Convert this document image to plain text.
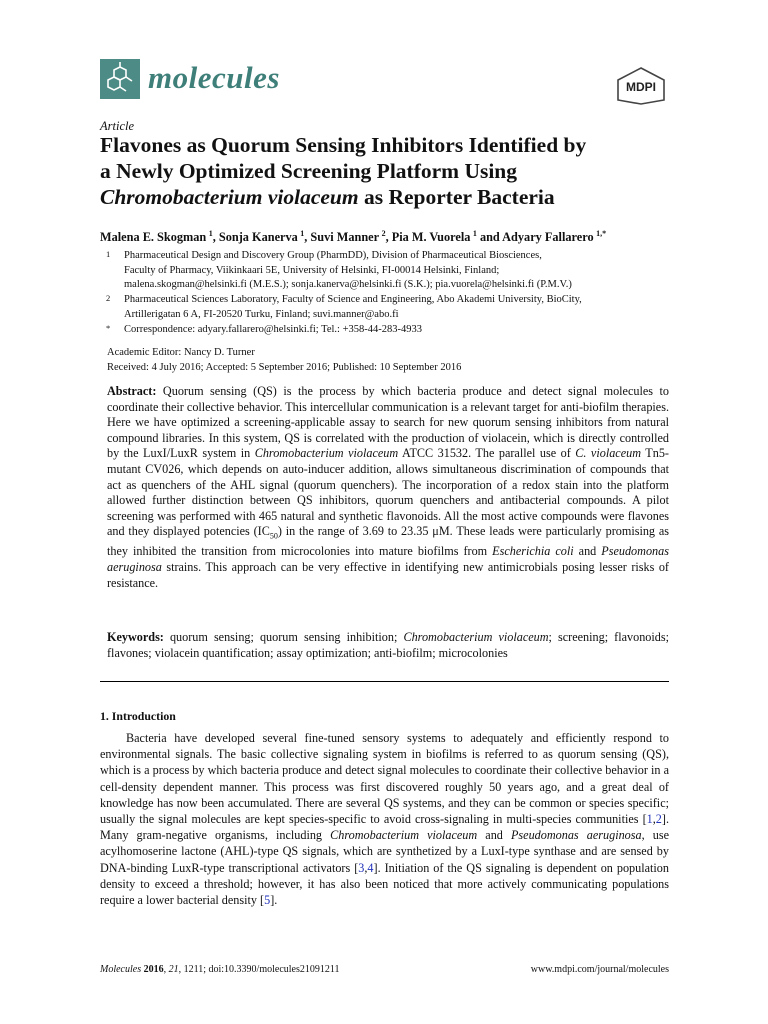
molecules	MDPI
Article
Flavones as Quorum Sensing Inhibitors Identified by
a Newly Optimized Screening Platform Using
Chromobacterium violaceum as Reporter Bacteria
Malena E. Skogman  $^1$, Sonja Kanerva  $^1$, Suvi Manner  $^2$, Pia M. Vuorela  $^1$ and Adyary Fallarero  $^{1,*}$
1 Pharmaceutical Design and Discovery Group (PharmDD), Division of Pharmaceutical Biosciences,
Faculty of Pharmacy, Viikinkaari 5E, University of Helsinki, FI-00014 Helsinki, Finland;
malena.skogman@helsinki.fi (M.E.S.); sonja.kanerva@helsinki.fi (S.K.); pia.vuorela@helsinki.fi (P.M.V.)
2 Pharmaceutical Sciences Laboratory, Faculty of Science and Engineering, Abo Akademi University, BioCity,
Artillerigatan 6 A, FI-20520 Turku, Finland; suvi.manner@abo.fi
* Correspondence: adyary.fallarero@helsinki.fi; Tel.: +358-44-283-4933
Academic Editor: Nancy D. Turner
Received: 4 July 2016; Accepted: 5 September 2016; Published: 10 September 2016
Abstract: Quorum sensing (QS) is the process by which bacteria produce and detect signal molecules to coordinate their collective behavior. This intercellular communication is a relevant target for anti-biofilm therapies. Here we have optimized a screening-applicable assay to search for new quorum sensing inhibitors from natural compound libraries. In this system, QS is correlated with the production of violacein, which is directly controlled by the LuxI/LuxR system in Chromobacterium violaceum ATCC 31532. The parallel use of C. violaceum Tn5-mutant CV026, which depends on auto-inducer addition, allows simultaneous discrimination of compounds that act as quenchers of the AHL signal (quorum quenchers). The incorporation of a redox stain into the platform allowed further distinction between QS inhibitors, quorum quenchers and antibacterial compounds. A pilot screening was performed with 465 natural and synthetic flavonoids. All the most active compounds were flavones and they displayed potencies $(IC_{50})$ in the range of 3.69 to 23.35 μM. These leads were particularly promising as they inhibited the transition from microcolonies into mature biofilms from Escherichia coli and Pseudomonas aeruginosa strains. This approach can be very effective in identifying new antimicrobials posing lesser risks of resistance.
Keywords: quorum sensing; quorum sensing inhibition; Chromobacterium violaceum; screening; flavonoids; flavones; violacein quantification; assay optimization; anti-biofilm; microcolonies
1. Introduction

Bacteria have developed several fine-tuned sensory systems to adequately and efficiently respond to environmental signals. The basic collective signaling system in biofilms is referred to as quorum sensing (QS), which is a process by which bacteria produce and detect signal molecules to coordinate their collective behavior in a cell-density dependent manner. This process was first discovered roughly 50 years ago, and a great deal of knowledge has now been accumulated. There are several QS systems, and they can be common or species specific; usually the signal molecules are kept species-specific to avoid cross-signaling in multi-species communities [1,2]. Many gram-negative organisms, including Chromobacterium violaceum and Pseudomonas aeruginosa, use acylhomoserine lactone (AHL)-type QS signals, which are synthetized by a LuxI-type synthase and are sensed by DNA-binding LuxR-type transcriptional activators [3,4]. Initiation of the QS signaling is dependent on population density to exceed a threshold; however, it has also been noticed that more actively communicating populations require a lower bacterial density [5].

Molecules 2016, 21, 1211; doi:10.3390/molecules21091211	www.mdpi.com/journal/molecules
